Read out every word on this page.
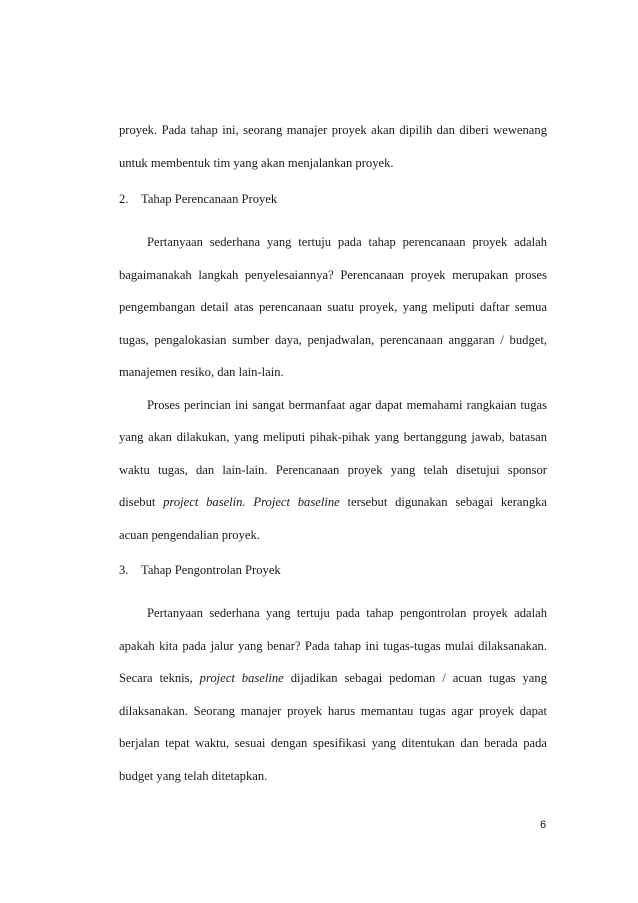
proyek. Pada tahap ini, seorang manajer proyek akan dipilih dan diberi wewenang
untuk membentuk tim yang akan menjalankan proyek.
2. Tahap Perencanaan Proyek
Pertanyaan sederhana yang tertuju pada tahap perencanaan proyek adalah
bagaimanakah langkah penyelesaiannya? Perencanaan proyek merupakan proses
pengembangan detail atas perencanaan suatu proyek, yang meliputi daftar semua
tugas, pengalokasian sumber daya, penjadwalan, perencanaan anggaran / budget,
manajemen resiko, dan lain-lain.
Proses perincian ini sangat bermanfaat agar dapat memahami rangkaian tugas
yang akan dilakukan, yang meliputi pihak-pihak yang bertanggung jawab, batasan
waktu tugas, dan lain-lain. Perencanaan proyek yang telah disetujui sponsor
disebut project baselin. Project baseline tersebut digunakan sebagai kerangka
acuan pengendalian proyek.
3. Tahap Pengontrolan Proyek
Pertanyaan sederhana yang tertuju pada tahap pengontrolan proyek adalah
apakah kita pada jalur yang benar? Pada tahap ini tugas-tugas mulai dilaksanakan.
Secara teknis, project baseline dijadikan sebagai pedoman / acuan tugas yang
dilaksanakan. Seorang manajer proyek harus memantau tugas agar proyek dapat
berjalan tepat waktu, sesuai dengan spesifikasi yang ditentukan dan berada pada
budget yang telah ditetapkan.
6
